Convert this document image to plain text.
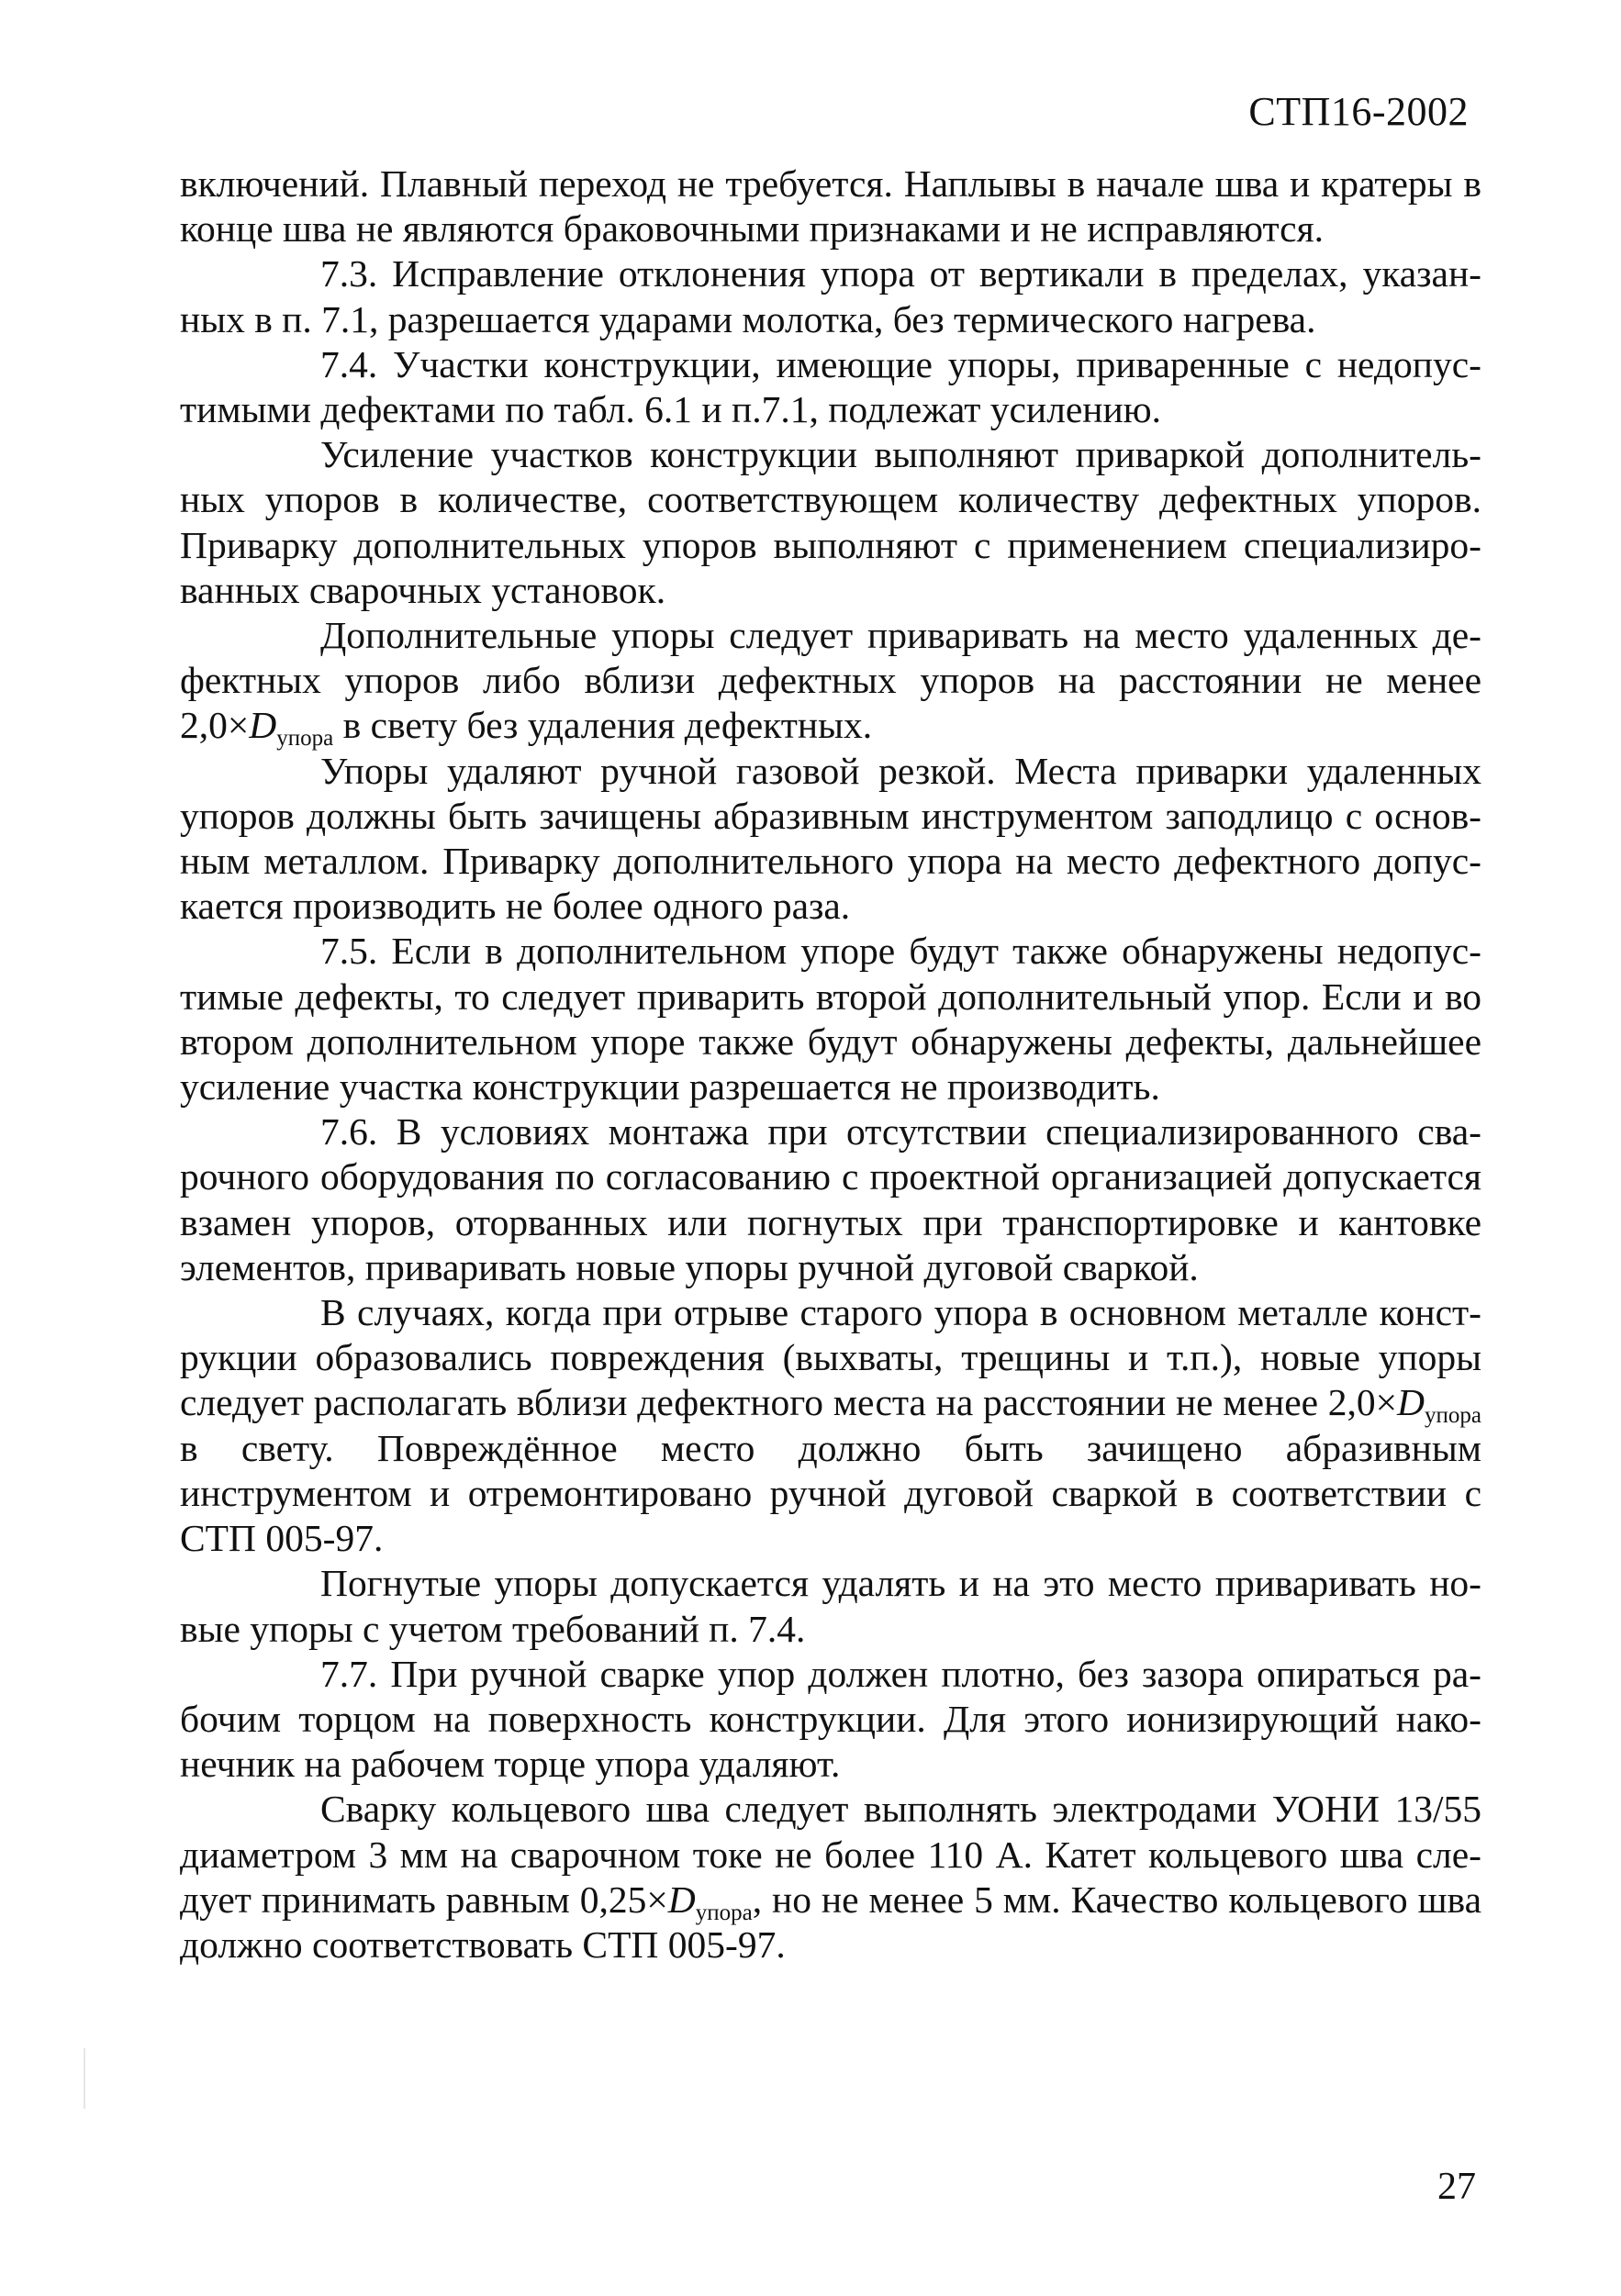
СТП16-2002

включений. Плавный переход не требуется. Наплывы в начале шва и кратеры в конце шва не являются браковочными признаками и не исправляются.

7.3. Исправление отклонения упора от вертикали в пределах, указанных в п. 7.1, разрешается ударами молотка, без термического нагрева.

7.4. Участки конструкции, имеющие упоры, приваренные с недопустимыми дефектами по табл. 6.1 и п.7.1, подлежат усилению.

Усиление участков конструкции выполняют приваркой дополнительных упоров в количестве, соответствующем количеству дефектных упоров. Приварку дополнительных упоров выполняют с применением специализированных сварочных установок.

Дополнительные упоры следует приваривать на место удаленных дефектных упоров либо вблизи дефектных упоров на расстоянии не менее $2,0\times D_{упора}$ в свету без удаления дефектных.

Упоры удаляют ручной газовой резкой. Места приварки удаленных упоров должны быть зачищены абразивным инструментом заподлицо с основным металлом. Приварку дополнительного упора на место дефектного допускается производить не более одного раза.

7.5. Если в дополнительном упоре будут также обнаружены недопустимые дефекты, то следует приварить второй дополнительный упор. Если и во втором дополнительном упоре также будут обнаружены дефекты, дальнейшее усиление участка конструкции разрешается не производить.

7.6. В условиях монтажа при отсутствии специализированного сварочного оборудования по согласованию с проектной организацией допускается взамен упоров, оторванных или погнутых при транспортировке и кантовке элементов, приваривать новые упоры ручной дуговой сваркой.

В случаях, когда при отрыве старого упора в основном металле конструкции образовались повреждения (выхваты, трещины и т.п.), новые упоры следует располагать вблизи дефектного места на расстоянии не менее $2,0\times D_{упора}$ в свету. Повреждённое место должно быть зачищено абразивным инструментом и отремонтировано ручной дуговой сваркой в соответствии с СТП 005-97.

Погнутые упоры допускается удалять и на это место приваривать новые упоры с учетом требований п. 7.4.

7.7. При ручной сварке упор должен плотно, без зазора опираться рабочим торцом на поверхность конструкции. Для этого ионизирующий наконечник на рабочем торце упора удаляют.

Сварку кольцевого шва следует выполнять электродами УОНИ 13/55 диаметром 3 мм на сварочном токе не более 110 А. Катет кольцевого шва следует принимать равным $0,25\times D_{упора}$, но не менее 5 мм. Качество кольцевого шва должно соответствовать СТП 005-97.

27
